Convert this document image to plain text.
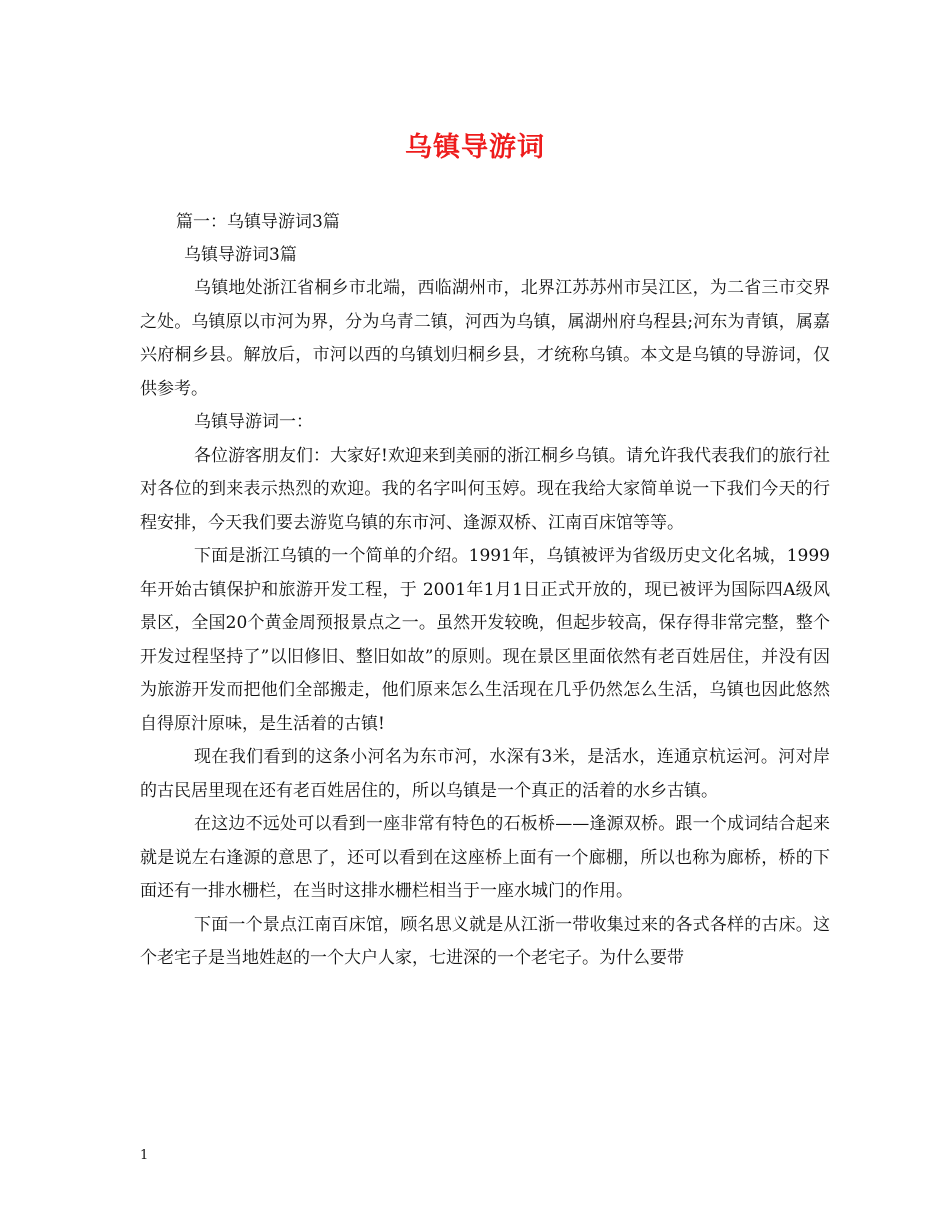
乌镇导游词

篇一：乌镇导游词3篇

乌镇导游词3篇

乌镇地处浙江省桐乡市北端，西临湖州市，北界江苏苏州市吴江区，为二省三市交界之处。乌镇原以市河为界，分为乌青二镇，河西为乌镇，属湖州府乌程县;河东为青镇，属嘉兴府桐乡县。解放后，市河以西的乌镇划归桐乡县，才统称乌镇。本文是乌镇的导游词，仅供参考。

乌镇导游词一：

各位游客朋友们：大家好!欢迎来到美丽的浙江桐乡乌镇。请允许我代表我们的旅行社对各位的到来表示热烈的欢迎。我的名字叫何玉婷。现在我给大家简单说一下我们今天的行程安排，今天我们要去游览乌镇的东市河、逢源双桥、江南百床馆等等。

下面是浙江乌镇的一个简单的介绍。1991年，乌镇被评为省级历史文化名城，1999年开始古镇保护和旅游开发工程，于 2001年1月1日正式开放的，现已被评为国际四A级风景区，全国20个黄金周预报景点之一。虽然开发较晚，但起步较高，保存得非常完整，整个开发过程坚持了”以旧修旧、整旧如故”的原则。现在景区里面依然有老百姓居住，并没有因为旅游开发而把他们全部搬走，他们原来怎么生活现在几乎仍然怎么生活，乌镇也因此悠然自得原汁原味，是生活着的古镇!

现在我们看到的这条小河名为东市河，水深有3米，是活水，连通京杭运河。河对岸的古民居里现在还有老百姓居住的，所以乌镇是一个真正的活着的水乡古镇。

在这边不远处可以看到一座非常有特色的石板桥——逢源双桥。跟一个成词结合起来就是说左右逢源的意思了，还可以看到在这座桥上面有一个廊棚，所以也称为廊桥，桥的下面还有一排水栅栏，在当时这排水栅栏相当于一座水城门的作用。

下面一个景点江南百床馆，顾名思义就是从江浙一带收集过来的各式各样的古床。这个老宅子是当地姓赵的一个大户人家，七进深的一个老宅子。为什么要带

1
